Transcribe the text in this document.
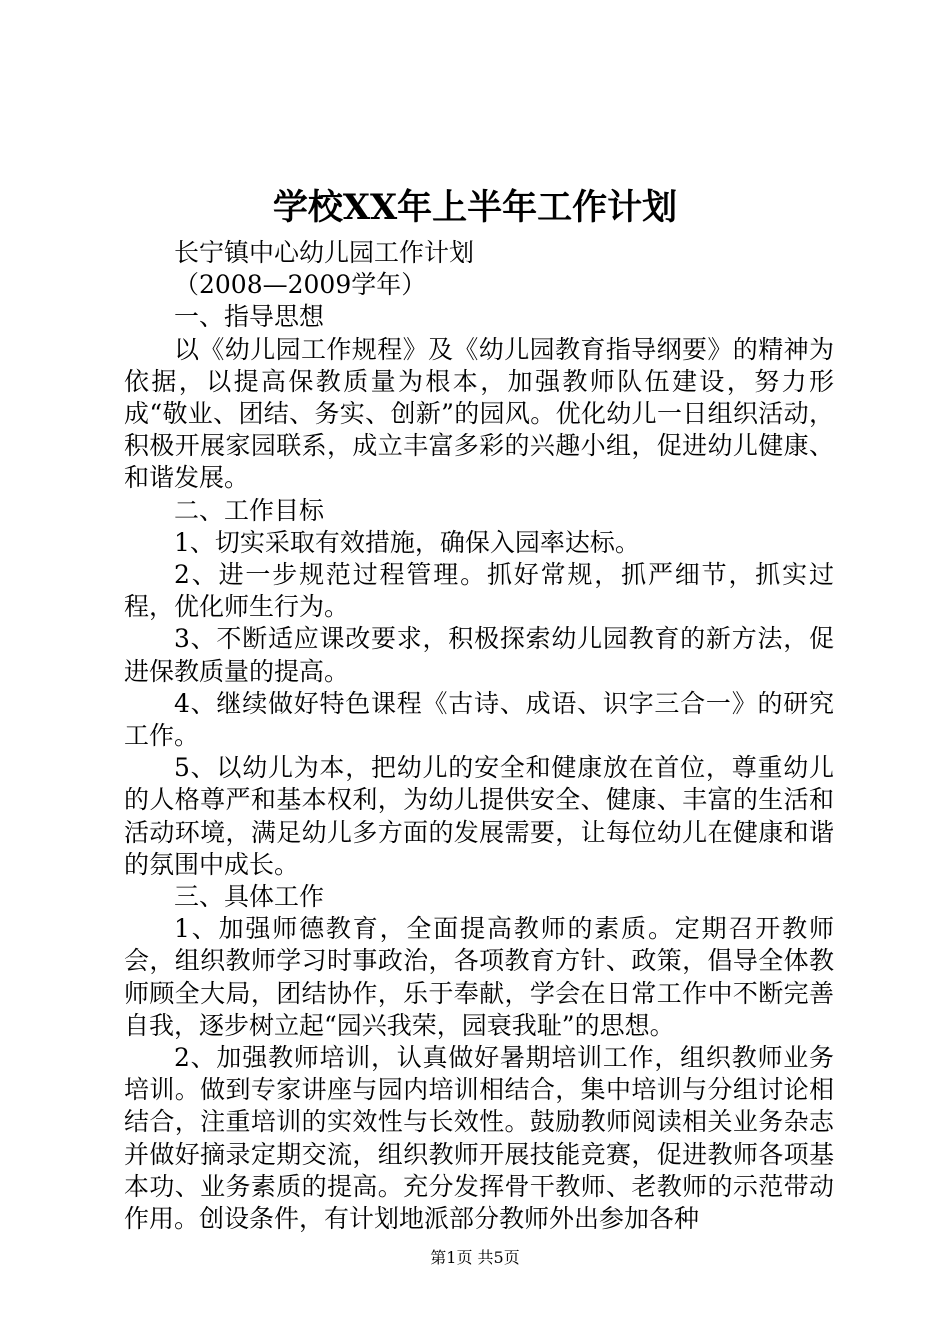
学校XX年上半年工作计划

长宁镇中心幼儿园工作计划

（2008—2009学年）

一、指导思想

以《幼儿园工作规程》及《幼儿园教育指导纲要》的精神为依据，以提高保教质量为根本，加强教师队伍建设，努力形成“敬业、团结、务实、创新”的园风。优化幼儿一日组织活动，积极开展家园联系，成立丰富多彩的兴趣小组，促进幼儿健康、和谐发展。

二、工作目标

1、切实采取有效措施，确保入园率达标。

2、进一步规范过程管理。抓好常规，抓严细节，抓实过程，优化师生行为。

3、不断适应课改要求，积极探索幼儿园教育的新方法，促进保教质量的提高。

4、继续做好特色课程《古诗、成语、识字三合一》的研究工作。

5、以幼儿为本，把幼儿的安全和健康放在首位，尊重幼儿的人格尊严和基本权利，为幼儿提供安全、健康、丰富的生活和活动环境，满足幼儿多方面的发展需要，让每位幼儿在健康和谐的氛围中成长。

三、具体工作

1、加强师德教育，全面提高教师的素质。定期召开教师会，组织教师学习时事政治，各项教育方针、政策，倡导全体教师顾全大局，团结协作，乐于奉献，学会在日常工作中不断完善自我，逐步树立起“园兴我荣，园衰我耻”的思想。

2、加强教师培训，认真做好暑期培训工作，组织教师业务培训。做到专家讲座与园内培训相结合，集中培训与分组讨论相结合，注重培训的实效性与长效性。鼓励教师阅读相关业务杂志并做好摘录定期交流，组织教师开展技能竞赛，促进教师各项基本功、业务素质的提高。充分发挥骨干教师、老教师的示范带动作用。创设条件，有计划地派部分教师外出参加各种

第1页 共5页
